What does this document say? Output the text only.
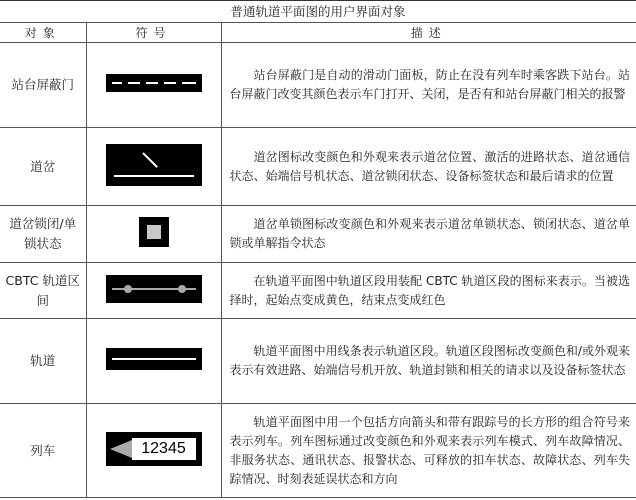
普通轨道平面图的用户界面对象
对象	符号	描述
站台屏蔽门		站台屏蔽门是自动的滑动门面板，防止在没有列车时乘客跌下站台。站台屏蔽门改变其颜色表示车门打开、关闭，是否有和站台屏蔽门相关的报警
道岔		道岔图标改变颜色和外观来表示道岔位置、激活的进路状态、道岔通信状态、始端信号机状态、道岔锁闭状态、设备标签状态和最后请求的位置
道岔锁闭/单锁状态		道岔单锁图标改变颜色和外观来表示道岔单锁状态、锁闭状态、道岔单锁或单解指令状态
CBTC 轨道区间		在轨道平面图中轨道区段用装配 CBTC 轨道区段的图标来表示。当被选择时，起始点变成黄色，结束点变成红色
轨道		轨道平面图中用线条表示轨道区段。轨道区段图标改变颜色和/或外观来表示有效进路、始端信号机开放、轨道封锁和相关的请求以及设备标签状态
列车	12345	轨道平面图中用一个包括方向箭头和带有跟踪号的长方形的组合符号来表示列车。列车图标通过改变颜色和外观来表示列车模式、列车故障情况、非服务状态、通讯状态、报警状态、可释放的扣车状态、故障状态、列车失踪情况、时刻表延误状态和方向
